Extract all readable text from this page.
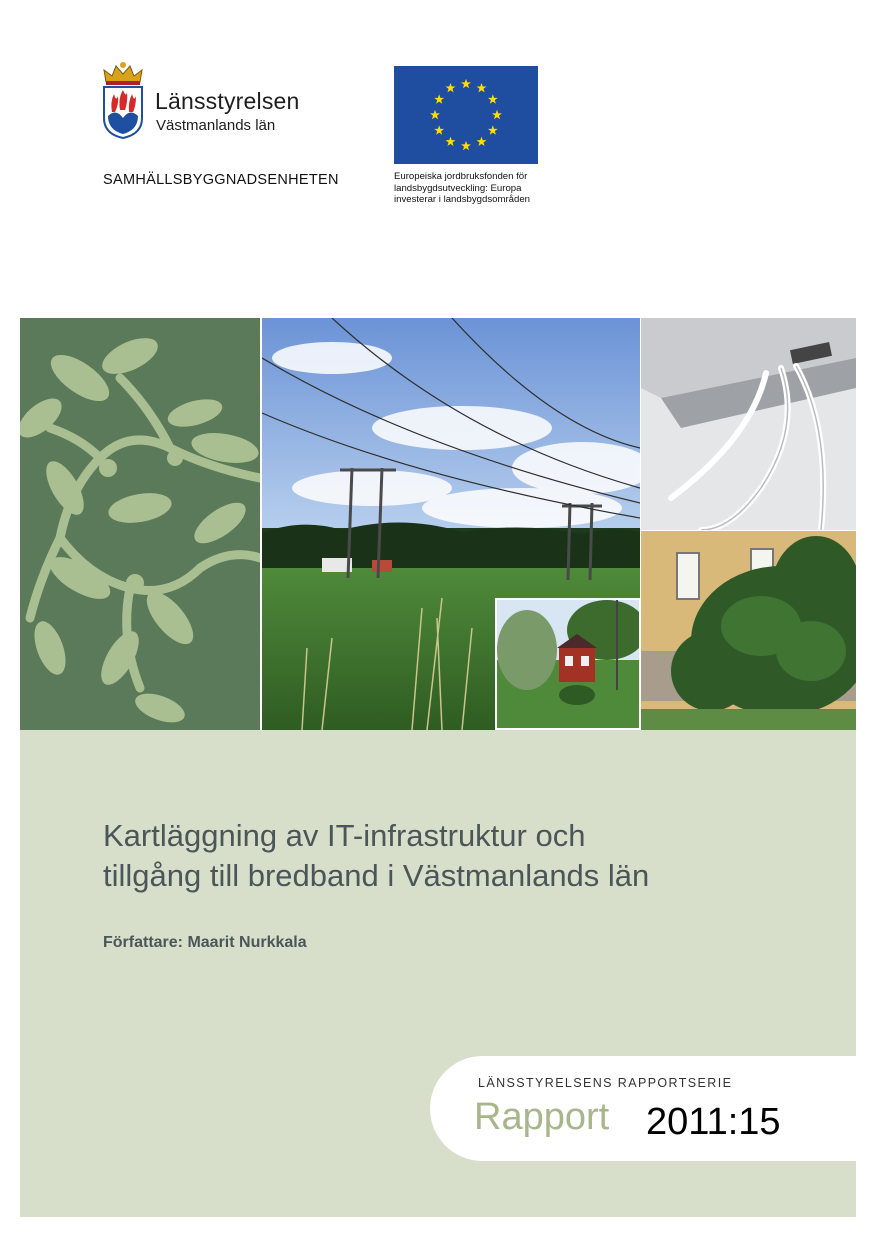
Länsstyrelsen
Västmanlands län
SAMHÄLLSBYGGNADSENHETEN	Europeiska jordbruksfonden för
landsbygdsutveckling: Europa
investerar i landsbygdsområden
Kartläggning av IT-infrastruktur och
tillgång till bredband i Västmanlands län
Författare: Maarit Nurkkala
LÄNSSTYRELSENS RAPPORTSERIE
Rapport 2011:15
